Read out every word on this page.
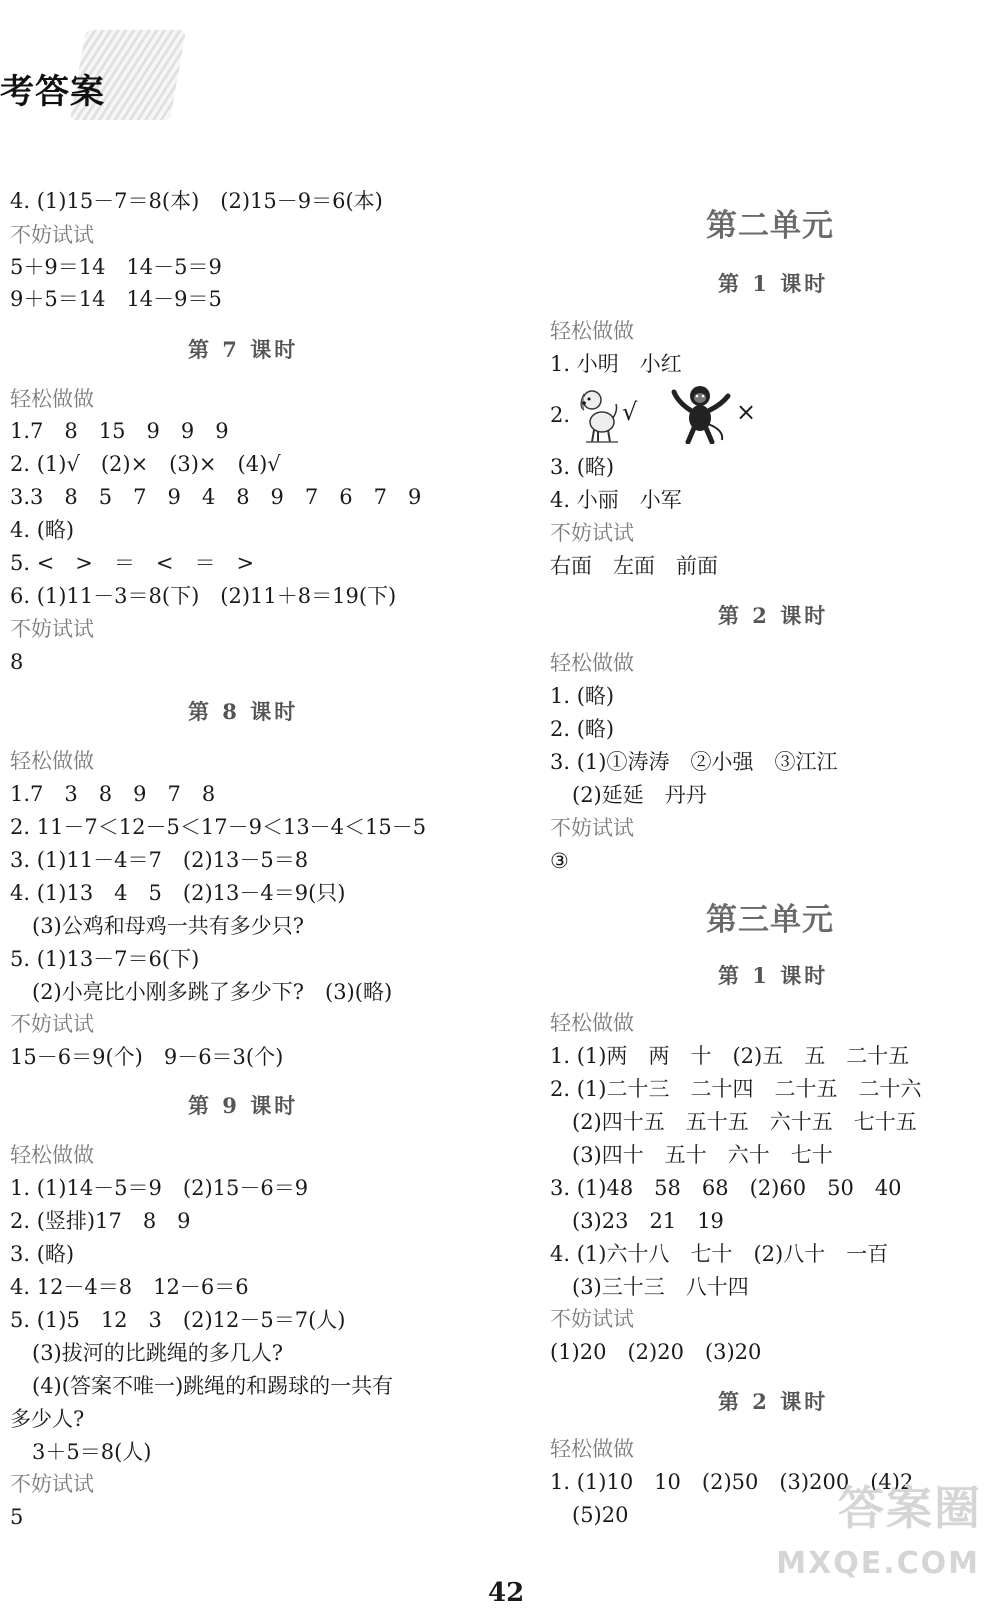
考答案
4. (1)15－7＝8(本)　(2)15－9＝6(本)
不妨试试
5＋9＝14　14－5＝9
9＋5＝14　14－9＝5
第 7 课时
轻松做做
1.7　8　15　9　9　9
2. (1)√　(2)×　(3)×　(4)√
3.3　8　5　7　9　4　8　9　7　6　7　9
4. (略)
5. <　>　＝　<　＝　>
6. (1)11－3＝8(下)　(2)11＋8＝19(下)
不妨试试
8
第 8 课时
轻松做做
1.7　3　8　9　7　8
2. 11－7＜12－5＜17－9＜13－4＜15－5
3. (1)11－4＝7　(2)13－5＝8
4. (1)13　4　5　(2)13－4＝9(只)
(3)公鸡和母鸡一共有多少只?
5. (1)13－7＝6(下)
(2)小亮比小刚多跳了多少下?　(3)(略)
不妨试试
15－6＝9(个)　9－6＝3(个)
第 9 课时
轻松做做
1. (1)14－5＝9　(2)15－6＝9
2. (竖排)17　8　9
3. (略)
4. 12－4＝8　12－6＝6
5. (1)5　12　3　(2)12－5＝7(人)
(3)拔河的比跳绳的多几人?
(4)(答案不唯一)跳绳的和踢球的一共有
多少人?
3＋5＝8(人)
不妨试试
5
第二单元
第 1 课时
轻松做做
1. 小明　小红
2. √	×
3. (略)
4. 小丽　小军
不妨试试
右面　左面　前面
第 2 课时
轻松做做
1. (略)
2. (略)
3. (1)①涛涛　②小强　③江江
(2)延延　丹丹
不妨试试
③
第三单元
第 1 课时
轻松做做
1. (1)两　两　十　(2)五　五　二十五
2. (1)二十三　二十四　二十五　二十六
(2)四十五　五十五　六十五　七十五
(3)四十　五十　六十　七十
3. (1)48　58　68　(2)60　50　40
(3)23　21　19
4. (1)六十八　七十　(2)八十　一百
(3)三十三　八十四
不妨试试
(1)20　(2)20　(3)20
第 2 课时
轻松做做
1. (1)10　10　(2)50　(3)200　(4)2
(5)20	答案圈
MXQE.COM
42
